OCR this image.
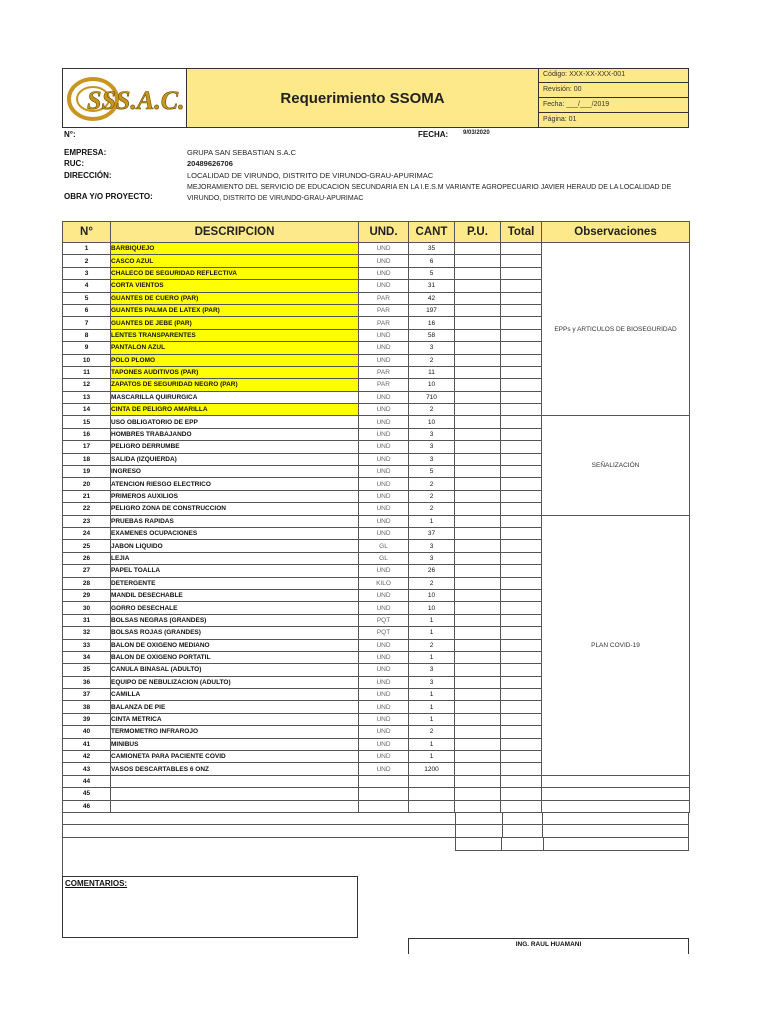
SSS.A.C.	Requerimiento SSOMA
Código: XXX-XX-XXX-001
Revisión: 00
Fecha: ___/___/2019
Página: 01
N°:	FECHA: 9/03/2020
EMPRESA:	GRUPA SAN SEBASTIAN S.A.C
RUC:	20489626706
DIRECCIÓN:	LOCALIDAD DE VIRUNDO, DISTRITO DE VIRUNDO-GRAU-APURIMAC
OBRA Y/O PROYECTO:
MEJORAMIENTO DEL SERVICIO DE EDUCACION SECUNDARIA EN LA I.E.S.M VARIANTE AGROPECUARIO JAVIER HERAUD DE LA LOCALIDAD DE
VIRUNDO, DISTRITO DE VIRUNDO-GRAU-APURIMAC
N°	DESCRIPCION	UND.	CANT	P.U.	Total	Observaciones
1	BARBIQUEJO	UND	35			EPPs y ARTICULOS DE BIOSEGURIDAD
2	CASCO AZUL	UND	6			
3	CHALECO DE SEGURIDAD REFLECTIVA	UND	5			
4	CORTA VIENTOS	UND	31			
5	GUANTES DE CUERO (PAR)	PAR	42			
6	GUANTES PALMA DE LATEX (PAR)	PAR	197			
7	GUANTES DE JEBE (PAR)	PAR	16			
8	LENTES TRANSPARENTES	UND	58			
9	PANTALON AZUL	UND	3			
10	POLO PLOMO	UND	2			
11	TAPONES AUDITIVOS (PAR)	PAR	11			
12	ZAPATOS DE SEGURIDAD NEGRO (PAR)	PAR	10			
13	MASCARILLA QUIRURGICA	UND	710			
14	CINTA DE PELIGRO AMARILLA	UND	2			
15	USO OBLIGATORIO DE EPP	UND	10			SEÑALIZACIÓN
16	HOMBRES TRABAJANDO	UND	3			
17	PELIGRO DERRUMBE	UND	3			
18	SALIDA (IZQUIERDA)	UND	3			
19	INGRESO	UND	5			
20	ATENCION RIESGO ELECTRICO	UND	2			
21	PRIMEROS AUXILIOS	UND	2			
22	PELIGRO ZONA DE CONSTRUCCION	UND	2			
23	PRUEBAS RAPIDAS	UND	1			PLAN COVID-19
24	EXAMENES OCUPACIONES	UND	37			
25	JABON LIQUIDO	GL	3			
26	LEJIA	GL	3			
27	PAPEL TOALLA	UND	26			
28	DETERGENTE	KILO	2			
29	MANDIL DESECHABLE	UND	10			
30	GORRO DESECHALE	UND	10			
31	BOLSAS NEGRAS (GRANDES)	PQT	1			
32	BOLSAS ROJAS (GRANDES)	PQT	1			
33	BALON DE OXIGENO MEDIANO	UND	2			
34	BALON DE OXIGENO PORTATIL	UND	1			
35	CANULA BINASAL (ADULTO)	UND	3			
36	EQUIPO DE NEBULIZACION (ADULTO)	UND	3			
37	CAMILLA	UND	1			
38	BALANZA DE PIE	UND	1			
39	CINTA METRICA	UND	1			
40	TERMOMETRO INFRAROJO	UND	2			
41	MINIBUS	UND	1			
42	CAMIONETA PARA PACIENTE COVID	UND	1			
43	VASOS DESCARTABLES 6 ONZ	UND	1200			
44						
45						
46						
COMENTARIOS:
ING. RAUL HUAMANI
